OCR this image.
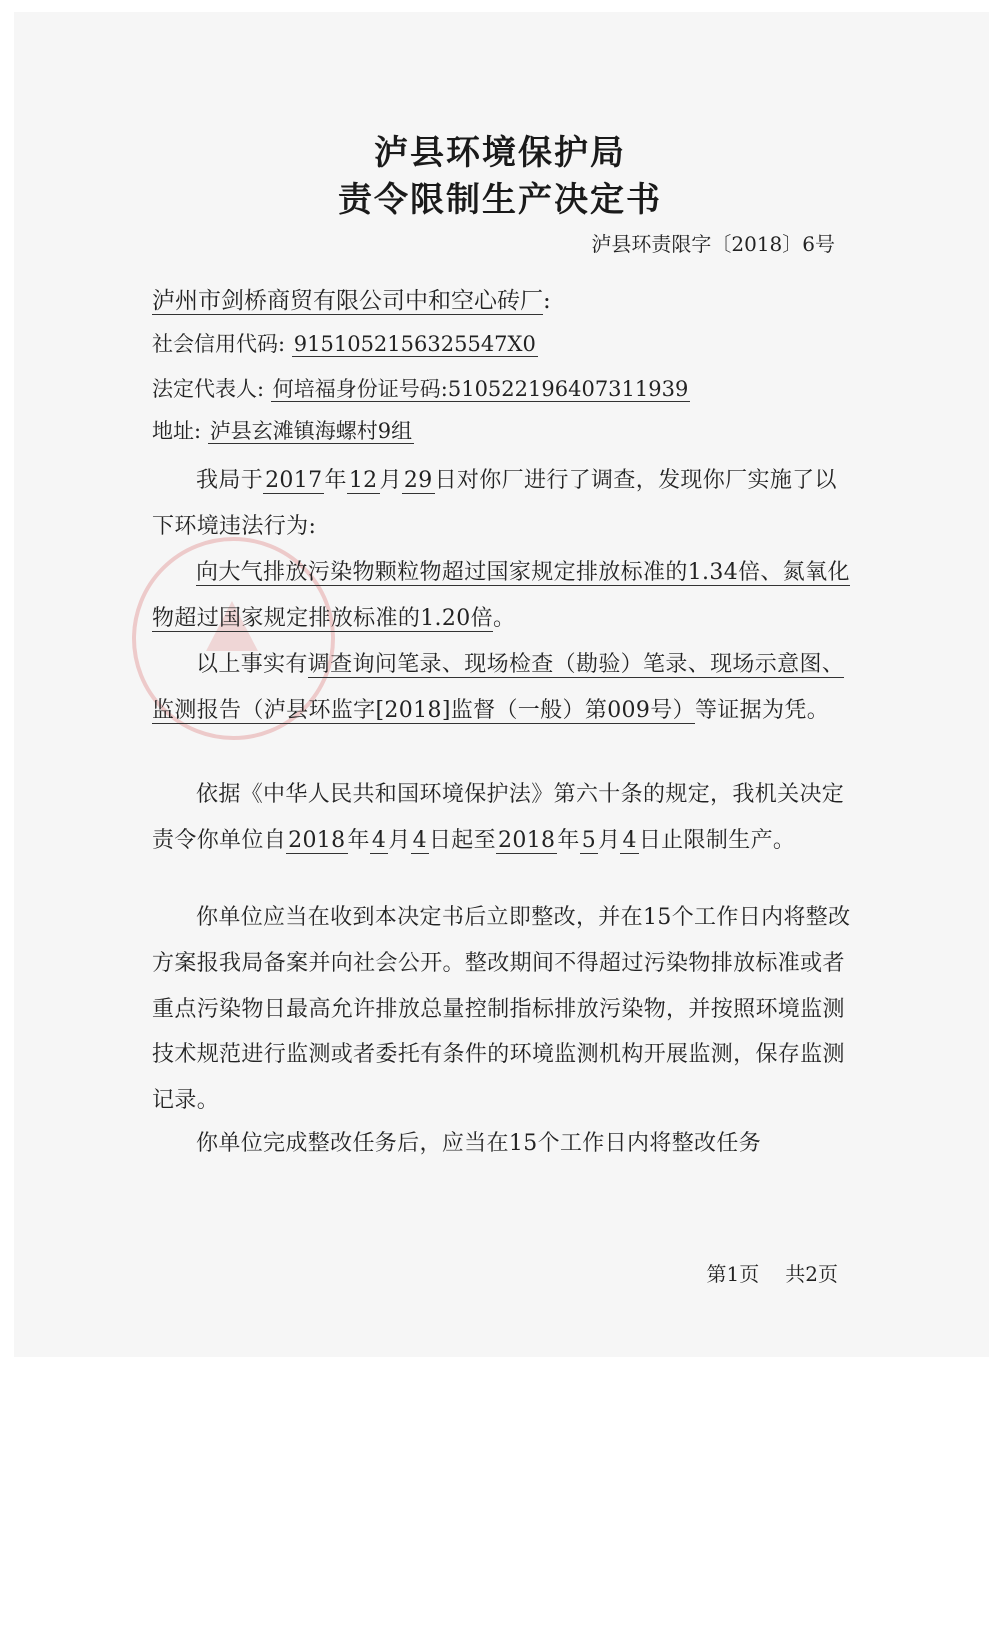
泸县环境保护局
责令限制生产决定书
泸县环责限字〔2018〕6号
泸州市剑桥商贸有限公司中和空心砖厂:
社会信用代码: 915105215632554​7X0
法定代表人: 何培福身份证号码:510522196407311939
地址: 泸县玄滩镇海螺村9组
我局于2017年12月29日对你厂进行了调查，发现你厂实施了以下环境违法行为:
向大气排放污染物颗粒物超过国家规定排放标准的1.34倍、氮氧化物超过国家规定排放标准的1.20倍。
以上事实有调查询问笔录、现场检查（勘验）笔录、现场示意图、监测报告（泸县环监字[2018]监督（一般）第009号）等证据为凭。
依据《中华人民共和国环境保护法》第六十条的规定，我机关决定责令你单位自2018年4月4日起至2018年5月4日止限制生产。
你单位应当在收到本决定书后立即整改，并在15个工作日内将整改方案报我局备案并向社会公开。整改期间不得超过污染物排放标准或者重点污染物日最高允许排放总量控制指标排放污染物，并按照环境监测技术规范进行监测或者委托有条件的环境监测机构开展监测，保存监测记录。
你单位完成整改任务后，应当在15个工作日内将整改任务
第1页 共2页
